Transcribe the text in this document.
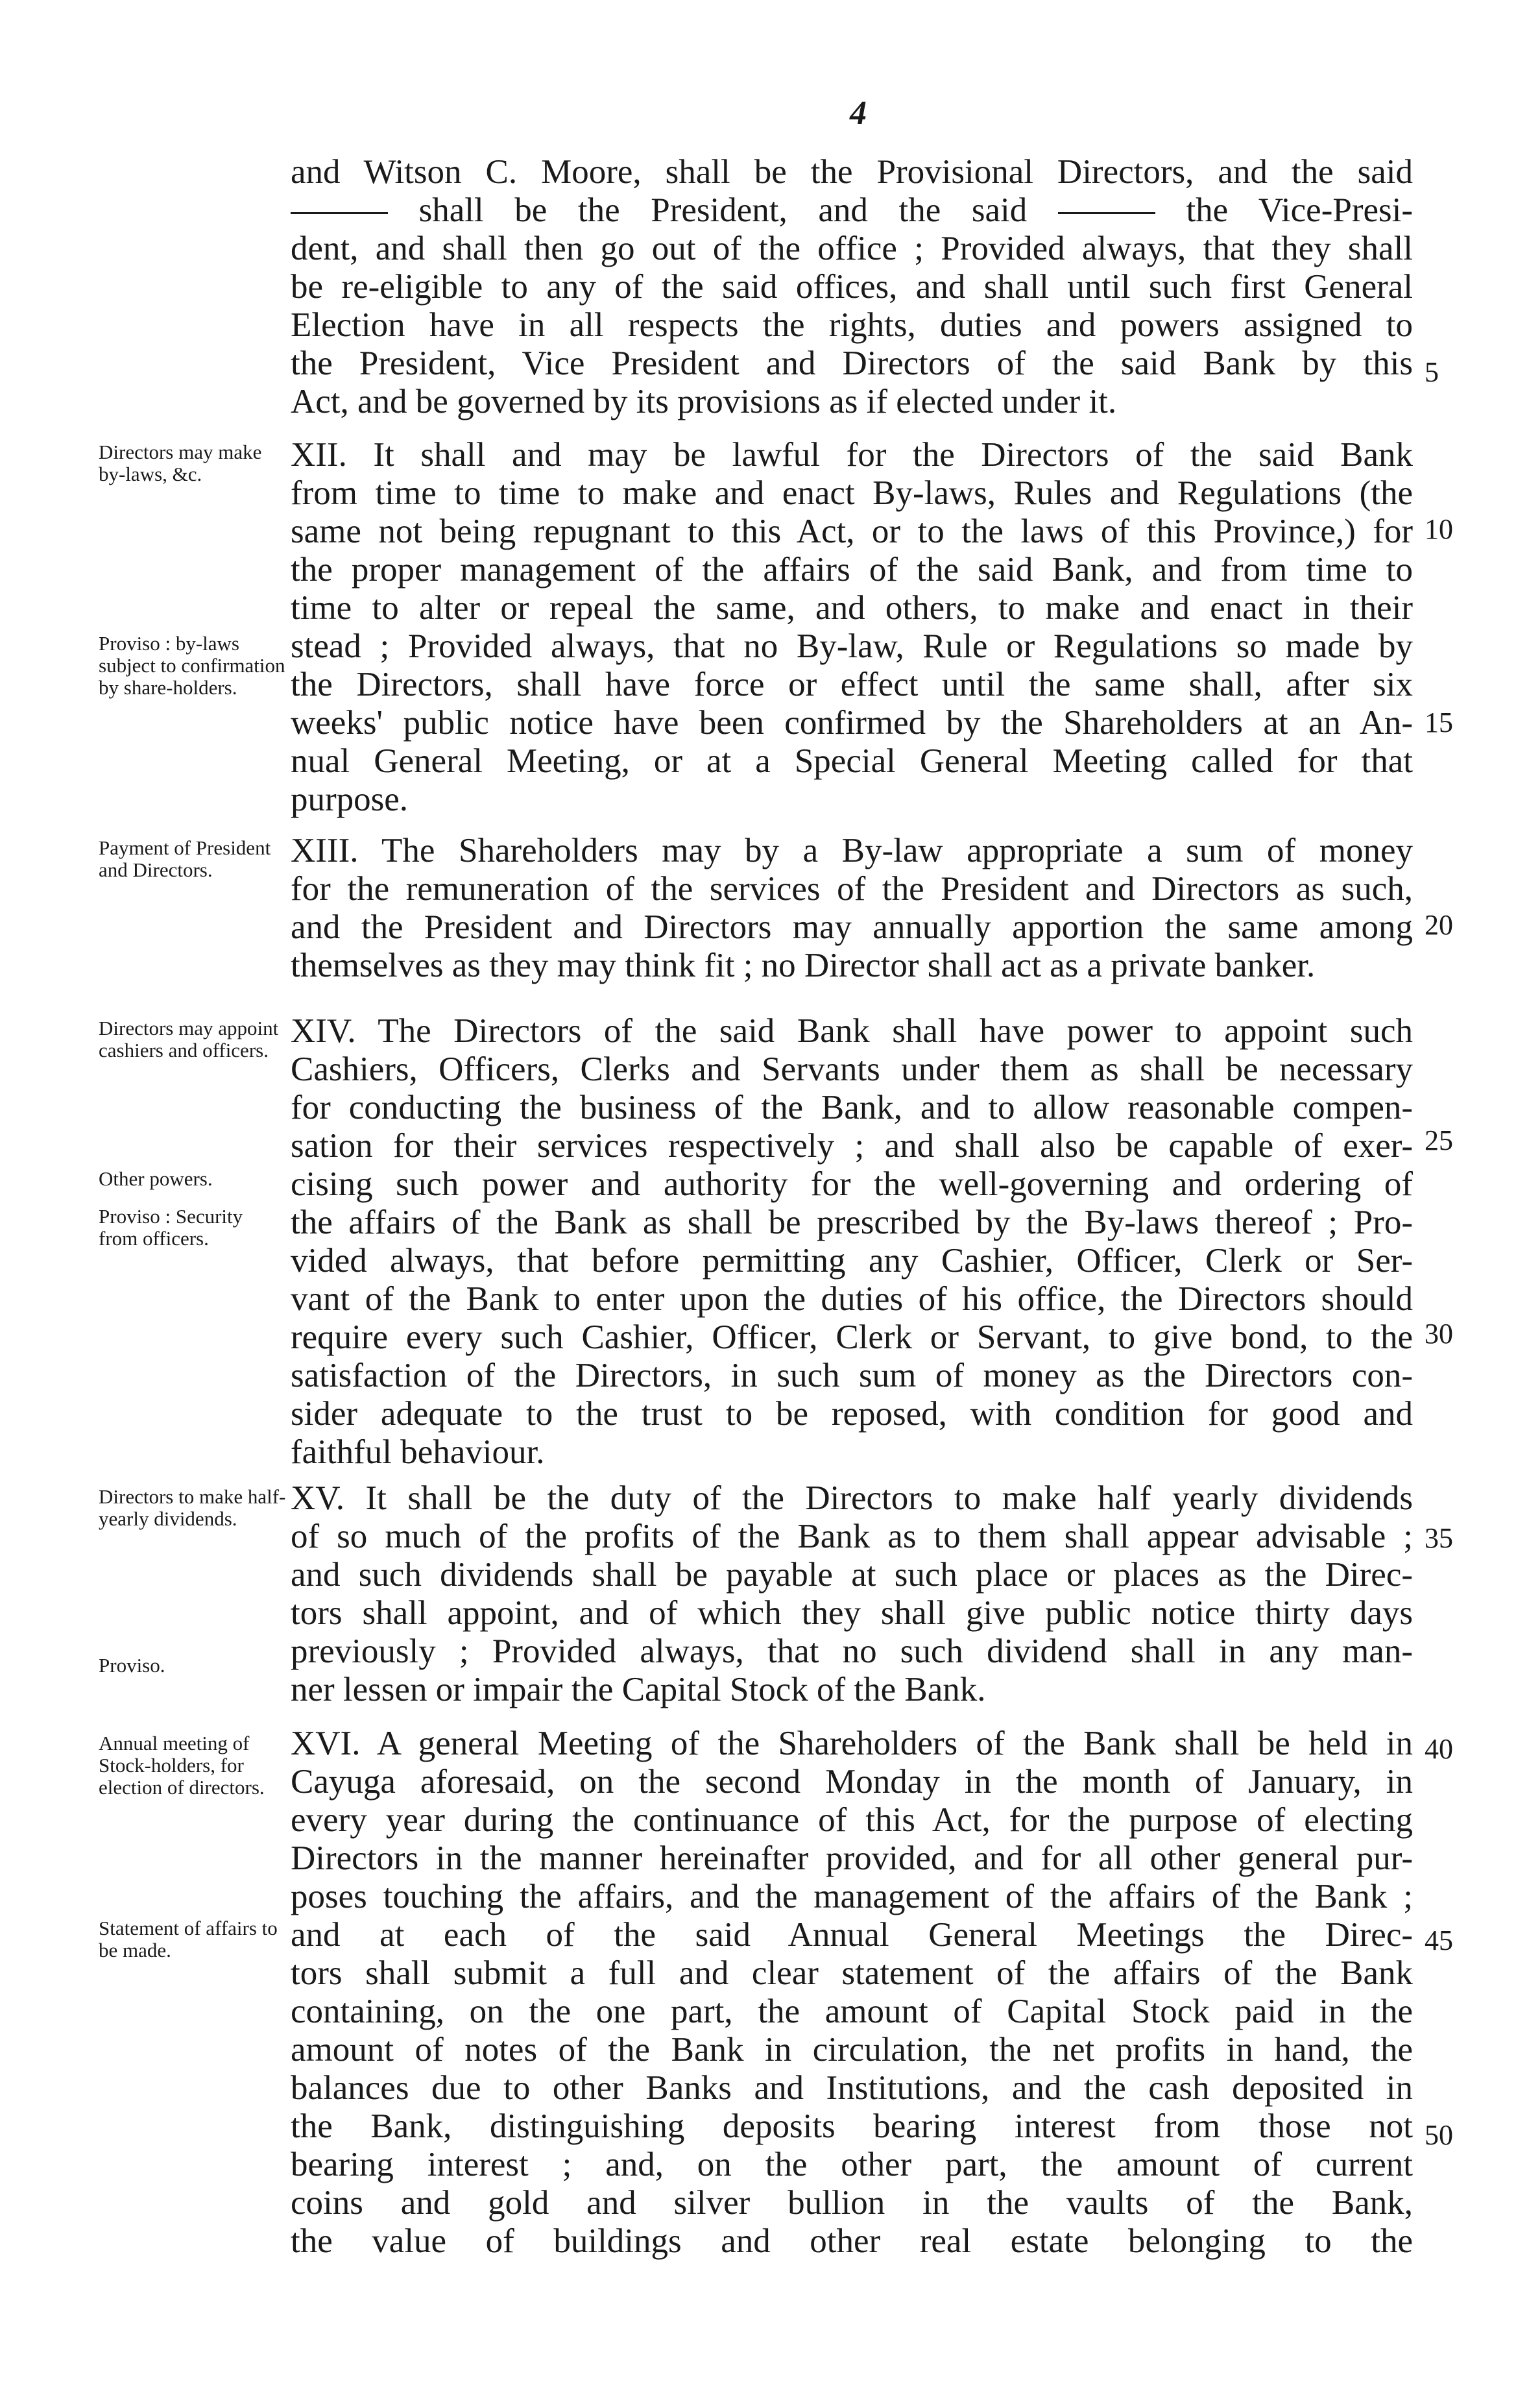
4
and Witson C. Moore, shall be the Provisional Directors, and the said
shall be the President, and the said	the Vice-Presi-
dent, and shall then go out of the office ; Provided always, that they shall
be re-eligible to any of the said offices, and shall until such first General
Election have in all respects the rights, duties and powers assigned to
the President, Vice President and Directors of the said Bank by this
Act, and be governed by its provisions as if elected under it.
XII. It shall and may be lawful for the Directors of the said Bank
from time to time to make and enact By-laws, Rules and Regulations (the
same not being repugnant to this Act, or to the laws of this Province,) for
the proper management of the affairs of the said Bank, and from time to
time to alter or repeal the same, and others, to make and enact in their
stead ; Provided always, that no By-law, Rule or Regulations so made by
the Directors, shall have force or effect until the same shall, after six
weeks' public notice have been confirmed by the Shareholders at an An-
nual General Meeting, or at a Special General Meeting called for that
purpose.
XIII. The Shareholders may by a By-law appropriate a sum of money
for the remuneration of the services of the President and Directors as such,
and the President and Directors may annually apportion the same among
themselves as they may think fit ; no Director shall act as a private banker.
XIV. The Directors of the said Bank shall have power to appoint such
Cashiers, Officers, Clerks and Servants under them as shall be necessary
for conducting the business of the Bank, and to allow reasonable compen-
sation for their services respectively ; and shall also be capable of exer-
cising such power and authority for the well-governing and ordering of
the affairs of the Bank as shall be prescribed by the By-laws thereof ; Pro-
vided always, that before permitting any Cashier, Officer, Clerk or Ser-
vant of the Bank to enter upon the duties of his office, the Directors should
require every such Cashier, Officer, Clerk or Servant, to give bond, to the
satisfaction of the Directors, in such sum of money as the Directors con-
sider adequate to the trust to be reposed, with condition for good and
faithful behaviour.
XV. It shall be the duty of the Directors to make half yearly dividends
of so much of the profits of the Bank as to them shall appear advisable ;
and such dividends shall be payable at such place or places as the Direc-
tors shall appoint, and of which they shall give public notice thirty days
previously ; Provided always, that no such dividend shall in any man-
ner lessen or impair the Capital Stock of the Bank.
XVI. A general Meeting of the Shareholders of the Bank shall be held in
Cayuga aforesaid, on the second Monday in the month of January, in
every year during the continuance of this Act, for the purpose of electing
Directors in the manner hereinafter provided, and for all other general pur-
poses touching the affairs, and the management of the affairs of the Bank ;
and at each of the said Annual General Meetings the Direc-
tors shall submit a full and clear statement of the affairs of the Bank
containing, on the one part, the amount of Capital Stock paid in the
amount of notes of the Bank in circulation, the net profits in hand, the
balances due to other Banks and Institutions, and the cash deposited in
the Bank, distinguishing deposits bearing interest from those not
bearing interest ; and, on the other part, the amount of current
coins and gold and silver bullion in the vaults of the Bank,
the value of buildings and other real estate belonging to the
Directors may make by-laws, &c.
Proviso : by-laws subject to confirmation by share-holders.
Payment of President and Directors.
Directors may appoint cashiers and officers.
Other powers.
Proviso : Security from officers.
Directors to make half-yearly dividends.
Proviso.
Annual meeting of Stock-holders, for election of directors.
Statement of affairs to be made.
5
10
15
20
25
30
35
40
45
50
